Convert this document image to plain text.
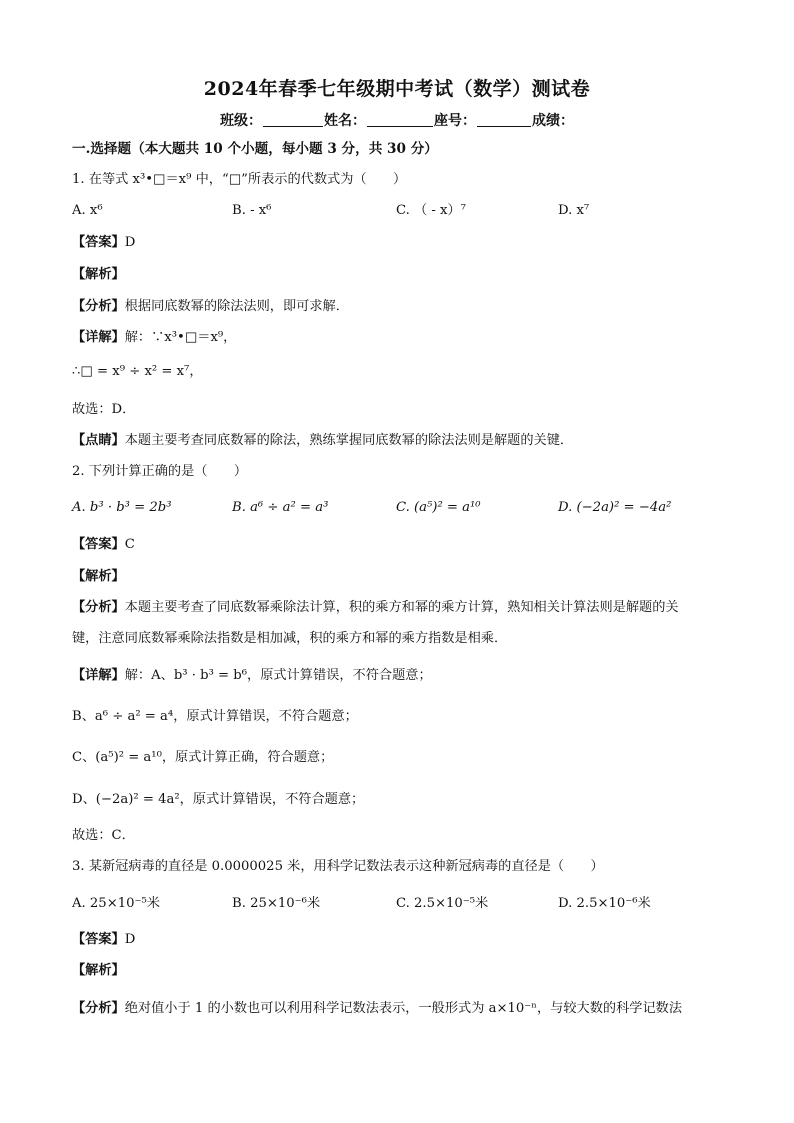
2024年春季七年级期中考试（数学）测试卷
班级：	姓名：	座号：	成绩：
一.选择题（本大题共 10 个小题，每小题 3 分，共 30 分）
1. 在等式 x³•□＝x⁹ 中，“□”所表示的代数式为（　　）
A. x⁶	B. - x⁶	C. （ - x）⁷	D. x⁷
【答案】D
【解析】
【分析】根据同底数幂的除法法则，即可求解．
【详解】解：∵x³•□＝x⁹，
∴□ = x⁹ ÷ x² = x⁷，
故选：D．
【点睛】本题主要考查同底数幂的除法，熟练掌握同底数幂的除法法则是解题的关键．
2. 下列计算正确的是（　　）
A. b³ · b³ = 2b³	B. a⁶ ÷ a² = a³	C. (a⁵)² = a¹⁰	D. (−2a)² = −4a²
【答案】C
【解析】
【分析】本题主要考查了同底数幂乘除法计算，积的乘方和幂的乘方计算，熟知相关计算法则是解题的关
键，注意同底数幂乘除法指数是相加减，积的乘方和幂的乘方指数是相乘．
【详解】解：A、b³ · b³ = b⁶，原式计算错误，不符合题意；
B、a⁶ ÷ a² = a⁴，原式计算错误，不符合题意；
C、(a⁵)² = a¹⁰，原式计算正确，符合题意；
D、(−2a)² = 4a²，原式计算错误，不符合题意；
故选：C．
3. 某新冠病毒的直径是 0.0000025 米，用科学记数法表示这种新冠病毒的直径是（　　）
A. 25×10⁻⁵米	B. 25×10⁻⁶米	C. 2.5×10⁻⁵米	D. 2.5×10⁻⁶米
【答案】D
【解析】
【分析】绝对值小于 1 的小数也可以利用科学记数法表示，一般形式为 a×10⁻ⁿ，与较大数的科学记数法
